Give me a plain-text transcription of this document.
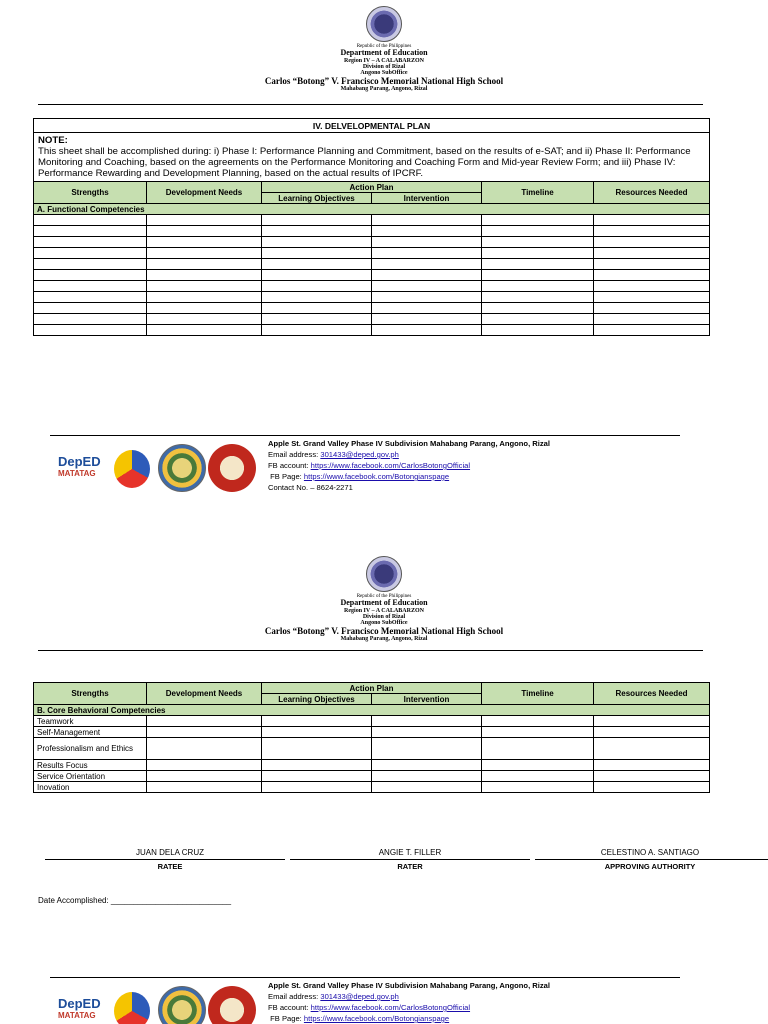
Republic of the Philippines
Department of Education
Region IV – A CALABARZON
Division of Rizal
Angono SubOffice
Carlos “Botong” V. Francisco Memorial National High School
Mahabang Parang, Angono, Rizal
IV. DELVELOPMENTAL PLAN					

NOTE:
This sheet shall be accomplished during: i) Phase I: Performance Planning and Commitment, based on the results of e-SAT; and ii) Phase II: Performance Monitoring and Coaching, based on the agreements on the Performance Monitoring and Coaching Form and Mid-year Review Form; and iii) Phase IV: Performance Rewarding and Development Planning, based on the actual results of IPCRF.					

Strengths	Development Needs	Action Plan		Timeline	Resources Needed
		Learning Objectives	Intervention		
A. Functional Competencies					

DepED
MATATAG
Apple St. Grand Valley Phase IV Subdivision Mahabang Parang, Angono, Rizal
Email address: 301433@deped.gov.ph
FB account: https://www.facebook.com/CarlosBotongOfficial
FB Page: https://www.facebook.com/Botongianspage
Contact No. – 8624-2271
Republic of the Philippines
Department of Education
Region IV – A CALABARZON
Division of Rizal
Angono SubOffice
Carlos “Botong” V. Francisco Memorial National High School
Mahabang Parang, Angono, Rizal
Strengths	Development Needs	Action Plan		Timeline	Resources Needed
		Learning Objectives	Intervention		
B. Core Behavioral Competencies					
Teamwork					
Self-Management					
Professionalism and Ethics					
Results Focus					
Service Orientation					
Inovation					
JUAN DELA CRUZ
RATEE
ANGIE T. FILLER
RATER
CELESTINO A. SANTIAGO
APPROVING AUTHORITY
Date Accomplished: ___________________________
DepED
MATATAG
Apple St. Grand Valley Phase IV Subdivision Mahabang Parang, Angono, Rizal
Email address: 301433@deped.gov.ph
FB account: https://www.facebook.com/CarlosBotongOfficial
FB Page: https://www.facebook.com/Botongianspage
